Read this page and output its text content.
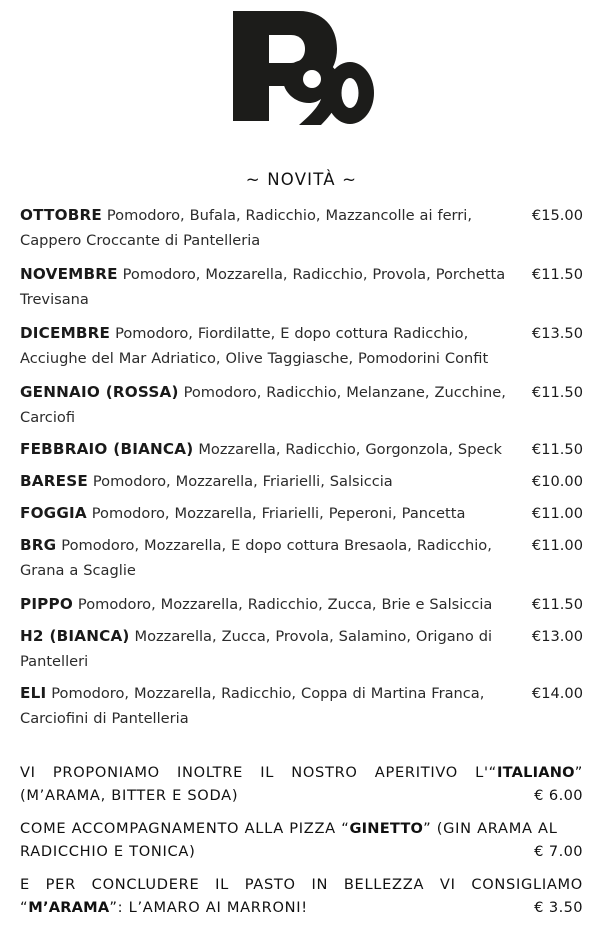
~ NOVITÀ ~
€15.00
OTTOBRE Pomodoro, Bufala, Radicchio, Mazzancolle ai ferri, Cappero Croccante di Pantelleria
€11.50
NOVEMBRE Pomodoro, Mozzarella, Radicchio, Provola, Porchetta Trevisana
€13.50
DICEMBRE Pomodoro, Fiordilatte, E dopo cottura Radicchio, Acciughe del Mar Adriatico, Olive Taggiasche, Pomodorini Confit
€11.50
GENNAIO (ROSSA) Pomodoro, Radicchio, Melanzane, Zucchine, Carciofi
€11.50
FEBBRAIO (BIANCA) Mozzarella, Radicchio, Gorgonzola, Speck
€10.00
BARESE Pomodoro, Mozzarella, Friarielli, Salsiccia
€11.00
FOGGIA Pomodoro, Mozzarella, Friarielli, Peperoni, Pancetta
€11.00
BRG Pomodoro, Mozzarella, E dopo cottura Bresaola, Radicchio, Grana a Scaglie
€11.50
PIPPO Pomodoro, Mozzarella, Radicchio, Zucca, Brie e Salsiccia
€13.00
H2 (BIANCA) Mozzarella, Zucca, Provola, Salamino, Origano di Pantelleri
€14.00
ELI Pomodoro, Mozzarella, Radicchio, Coppa di Martina Franca, Carciofini di Pantelleria
VI PROPONIAMO INOLTRE IL NOSTRO APERITIVO L'“ITALIANO”
€ 6.00
(M’ARAMA, BITTER E SODA)
COME ACCOMPAGNAMENTO ALLA PIZZA “GINETTO” (GIN ARAMA AL
€ 7.00
RADICCHIO E TONICA)
E PER CONCLUDERE IL PASTO IN BELLEZZA VI CONSIGLIAMO
€ 3.50
“M’ARAMA”: L’AMARO AI MARRONI!
